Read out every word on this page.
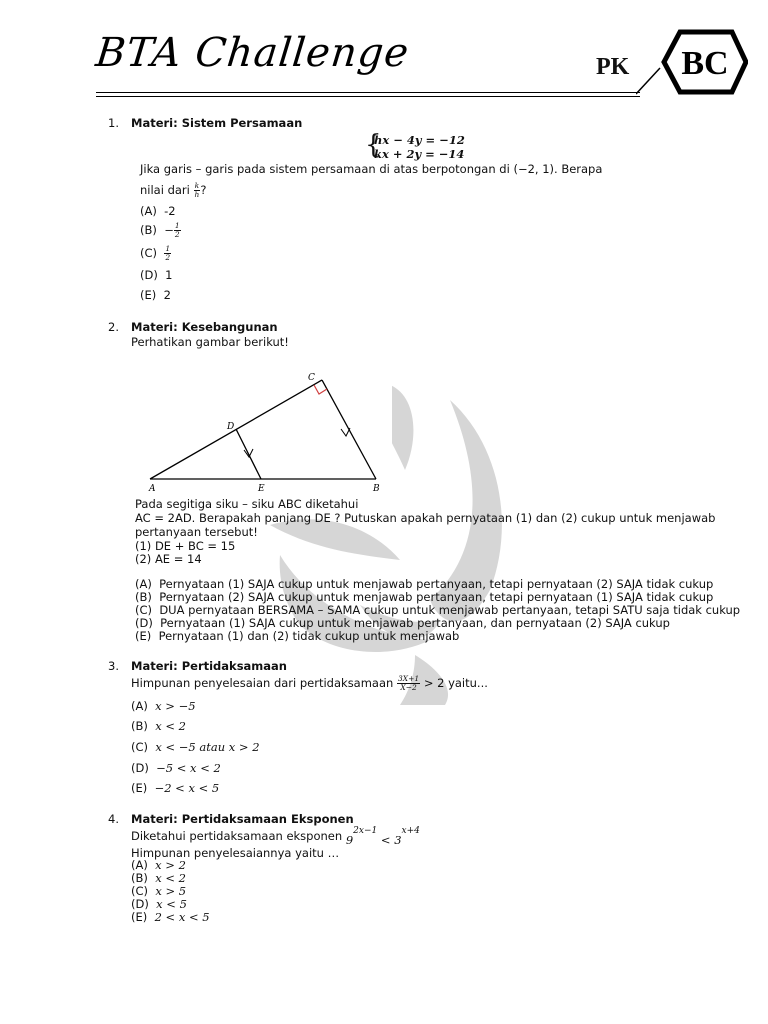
BTA Challenge	PK BC
1. Materi: Sistem Persamaan
{
hx − 4y = −12
kx + 2y = −14
Jika garis – garis pada sistem persamaan di atas berpotongan di (−2, 1). Berapa
nilai dari $\frac{k}{h}$ ?
(A) -2
$(B) - \frac{1}{2}$
$(C) \frac{1}{2}$
(D) 1
(E) 2
2. Materi: Kesebangunan
Perhatikan gambar berikut!
A	B
C
D
E
Pada segitiga siku – siku ABC diketahui
AC = 2AD. Berapakah panjang DE ? Putuskan apakah pernyataan (1) dan (2) cukup untuk menjawab
pertanyaan tersebut!
(1) DE + BC = 15
(2) AE = 14
(A) Pernyataan (1) SAJA cukup untuk menjawab pertanyaan, tetapi pernyataan (2) SAJA tidak cukup
(B) Pernyataan (2) SAJA cukup untuk menjawab pertanyaan, tetapi pernyataan (1) SAJA tidak cukup
(C) DUA pernyataan BERSAMA – SAMA cukup untuk menjawab pertanyaan, tetapi SATU saja tidak cukup
(D) Pernyataan (1) SAJA cukup untuk menjawab pertanyaan, dan pernyataan (2) SAJA cukup
(E) Pernyataan (1) dan (2) tidak cukup untuk menjawab
3. Materi: Pertidaksamaan
Himpunan penyelesaian dari pertidaksamaan $\frac{3X+1}{X-2} > 2$ yaitu...
(A) x > −5
(B) x < 2
(C) x < −5 atau x > 2
(D) −5 < x < 2
(E) −2 < x < 5
4. Materi: Pertidaksamaan Eksponen
Diketahui pertidaksamaan eksponen $9^{2x-1} < 3^{x+4}$
Himpunan penyelesaiannya yaitu …
(A) x > 2
(B) x < 2
(C) x > 5
(D) x < 5
(E) 2 < x < 5
